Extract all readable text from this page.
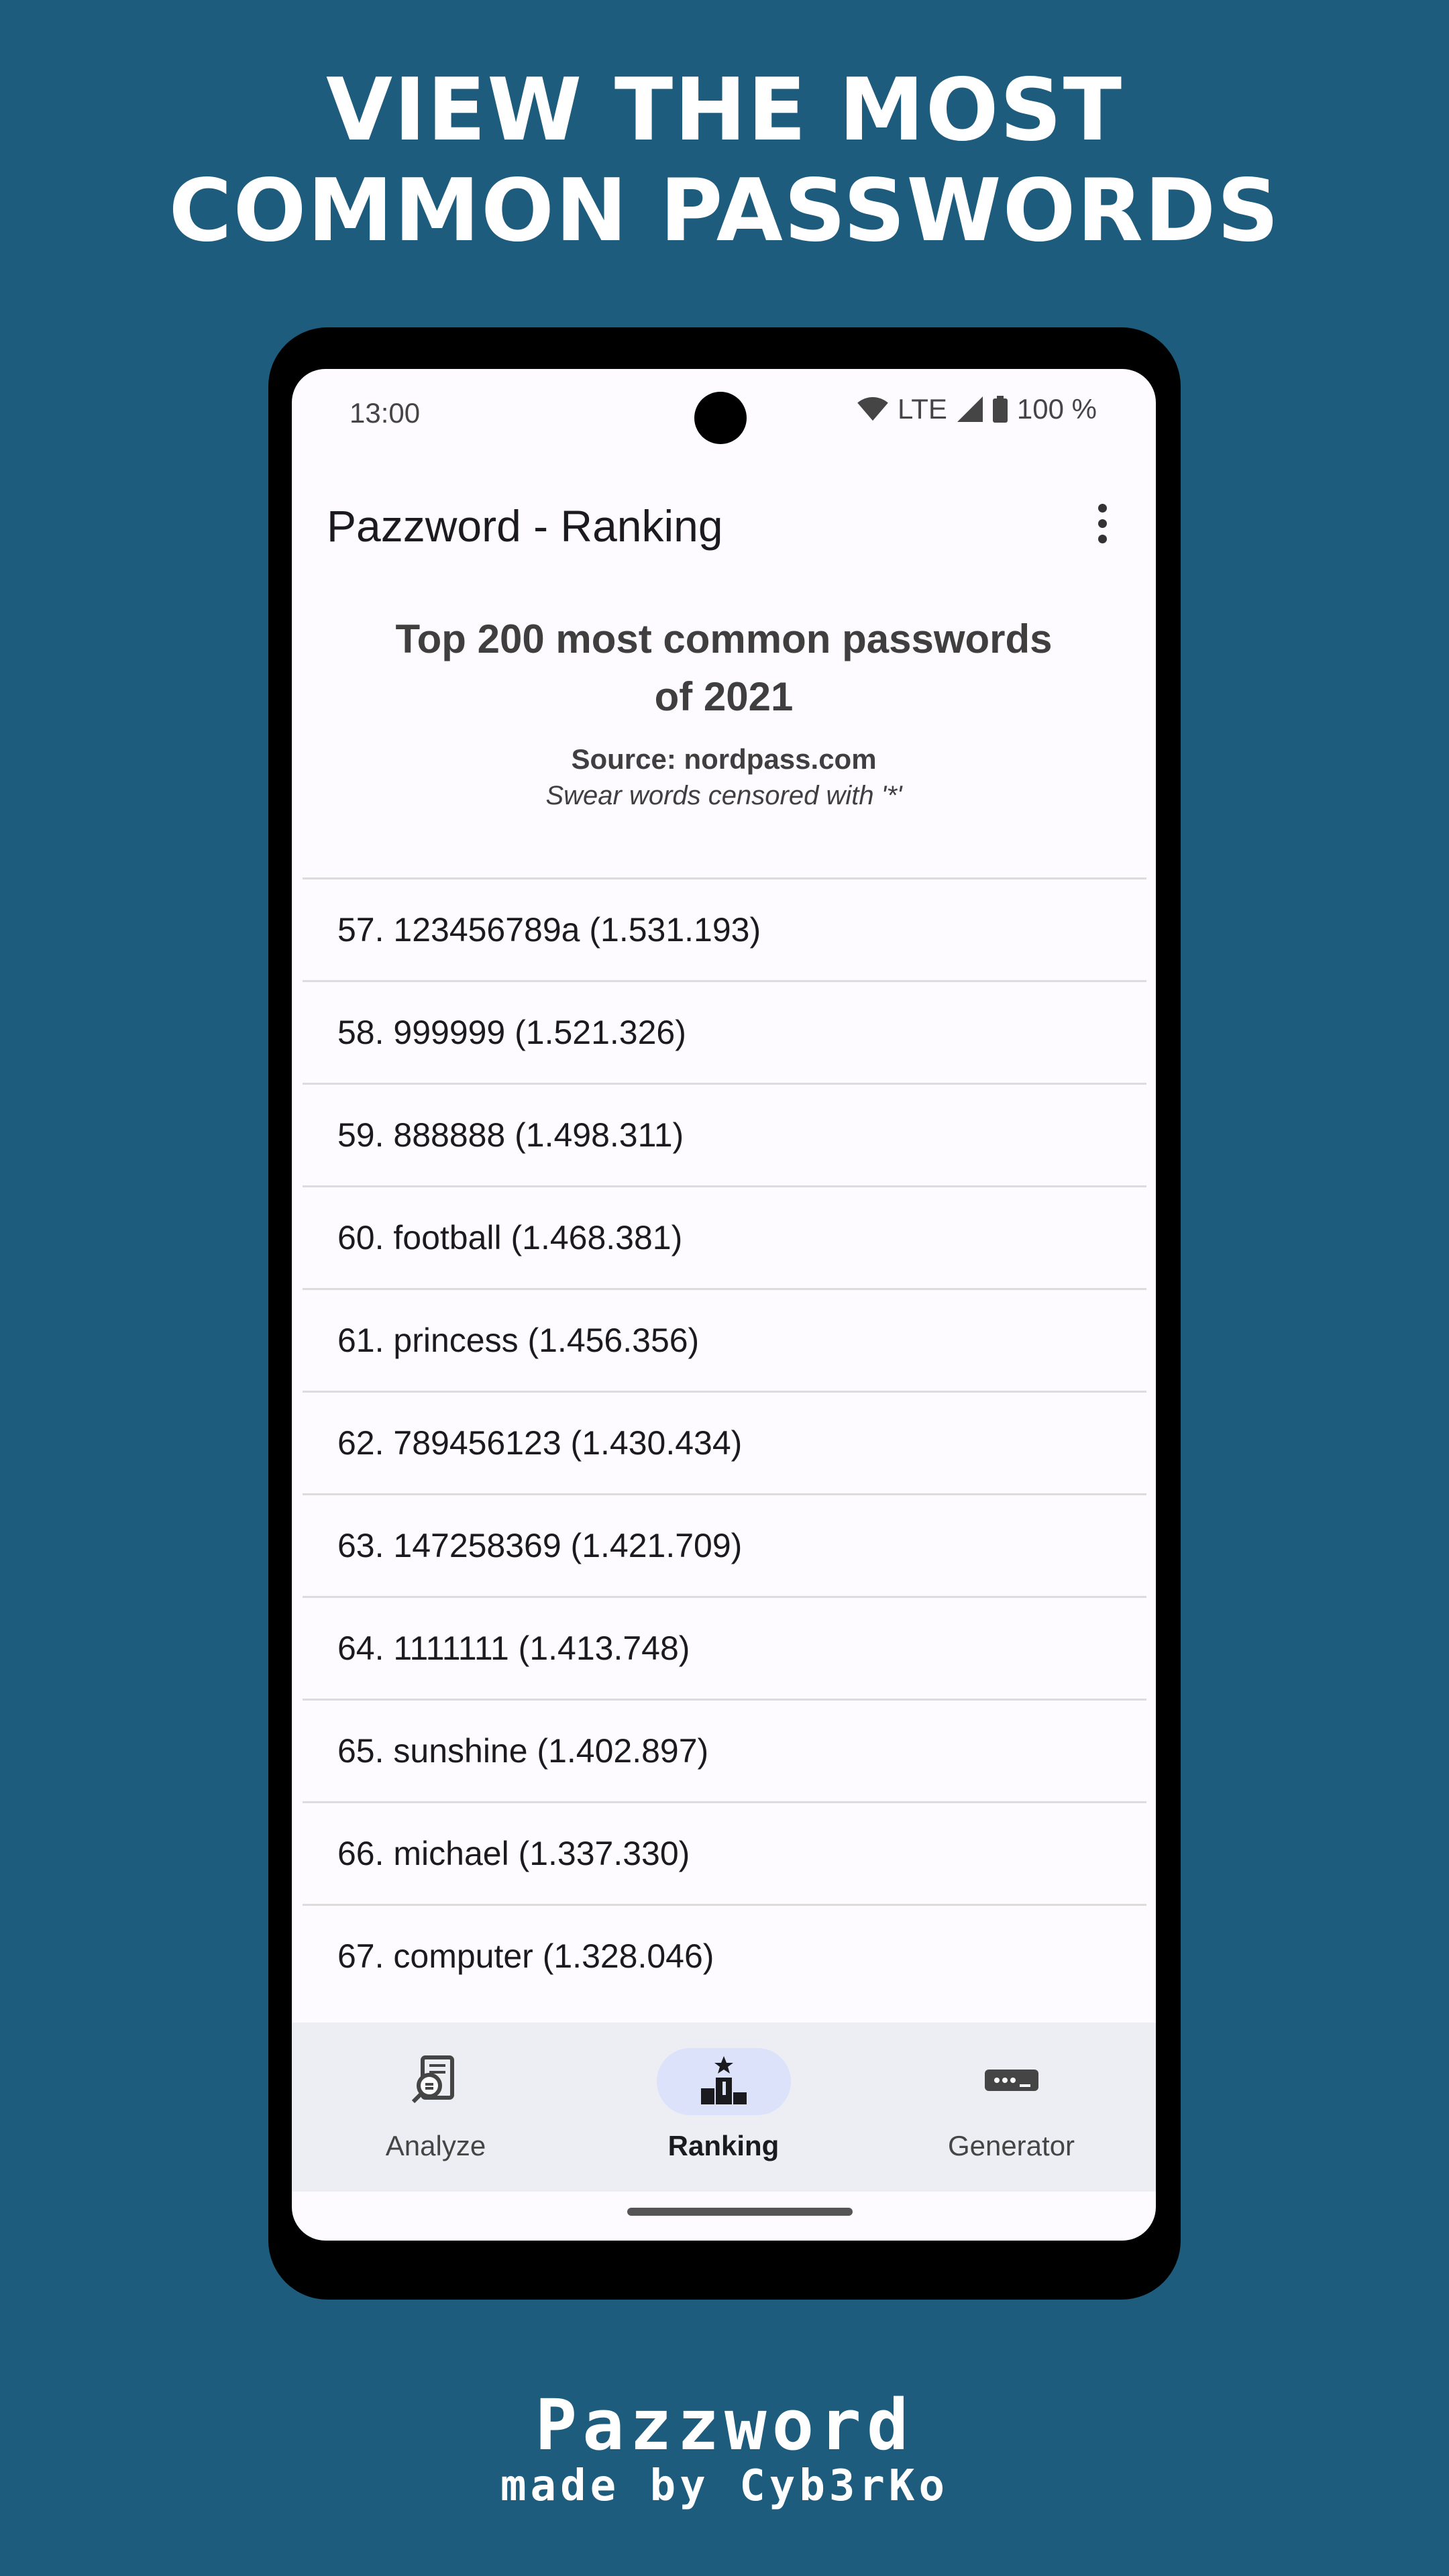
VIEW THE MOST
COMMON PASSWORDS
13:00	LTE 100 %
Pazzword - Ranking
Top 200 most common passwords of 2021
Source: nordpass.com
Swear words censored with '*'
57. 123456789a (1.531.193)
58. 999999 (1.521.326)
59. 888888 (1.498.311)
60. football (1.468.381)
61. princess (1.456.356)
62. 789456123 (1.430.434)
63. 147258369 (1.421.709)
64. 1111111 (1.413.748)
65. sunshine (1.402.897)
66. michael (1.337.330)
67. computer (1.328.046)
Analyze	Ranking	Generator
Pazzword
made by Cyb3rKo
